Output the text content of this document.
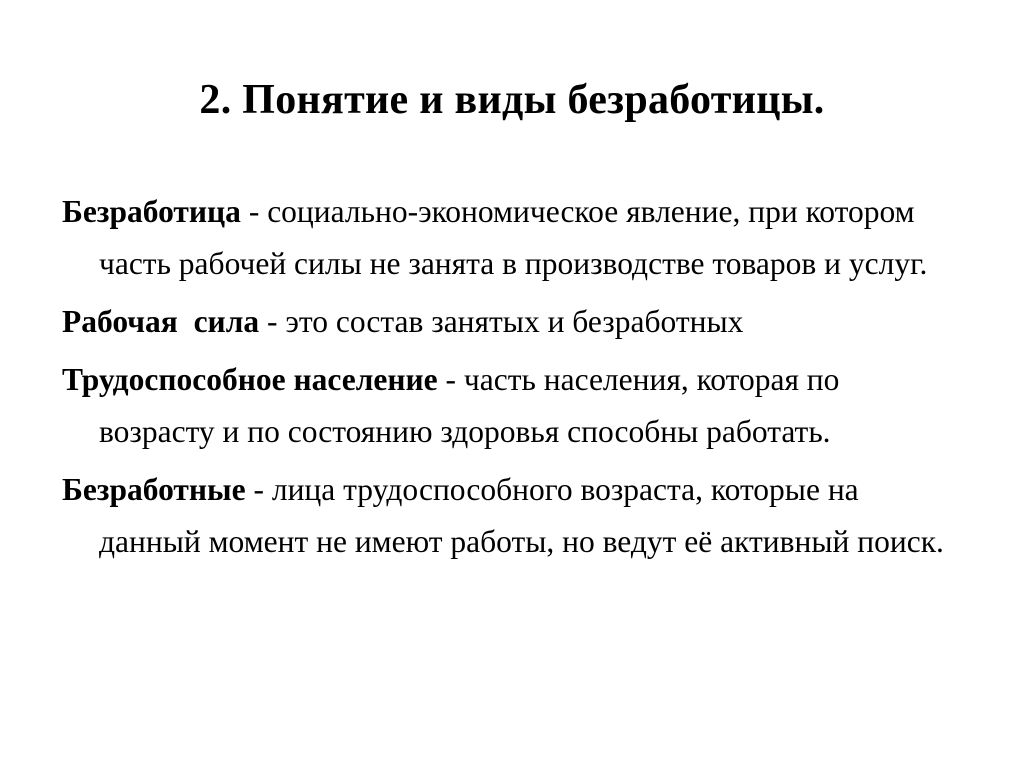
2. Понятие и виды безработицы.
Безработица - социально-экономическое явление, при котором часть рабочей силы не занята в производстве товаров и услуг.
Рабочая  сила - это состав занятых и безработных
Трудоспособное население - часть населения, которая по возрасту и по состоянию здоровья способны работать.
Безработные - лица трудоспособного возраста, которые на данный момент не имеют работы, но ведут её активный поиск.
